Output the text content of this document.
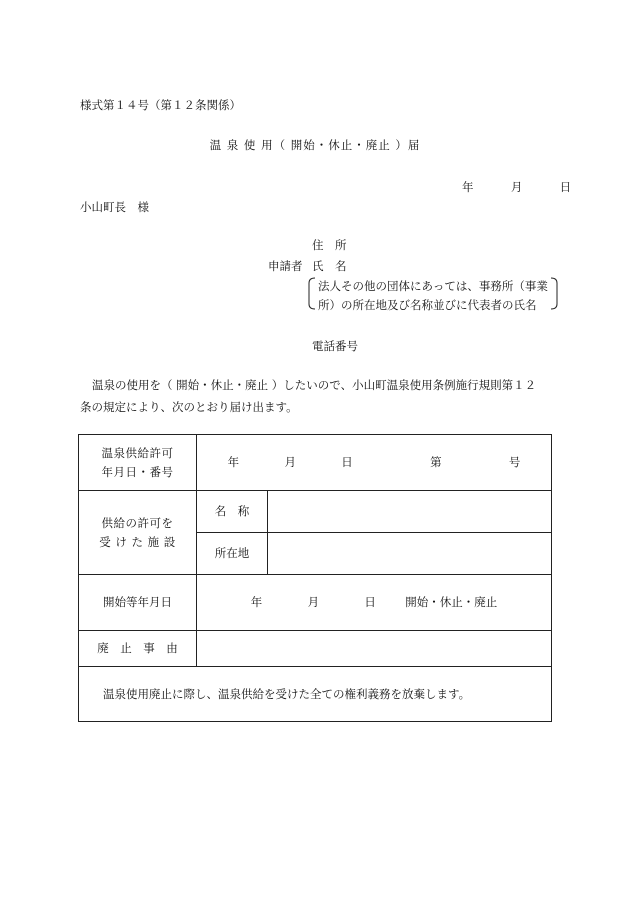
様式第１４号（第１２条関係）
温 泉 使 用（ 開始・休止・廃止 ）届
年	月	日
小山町長　様
住　所
申請者 氏　名
法人その他の団体にあっては、事務所（事業
所）の所在地及び名称並びに代表者の氏名
電話番号
温泉の使用を（ 開始・休止・廃止 ）したいので、小山町温泉使用条例施行規則第１２
条の規定により、次のとおり届け出ます。
温泉供給許可
年月日・番号	年 月 日 第 号	

供給の許可を
受 け た 施 設	名　称	
	所在地	
開始等年月日	年 月 日 開始・休止・廃止	
廃　止　事　由		
温泉使用廃止に際し、温泉供給を受けた全ての権利義務を放棄します。		
